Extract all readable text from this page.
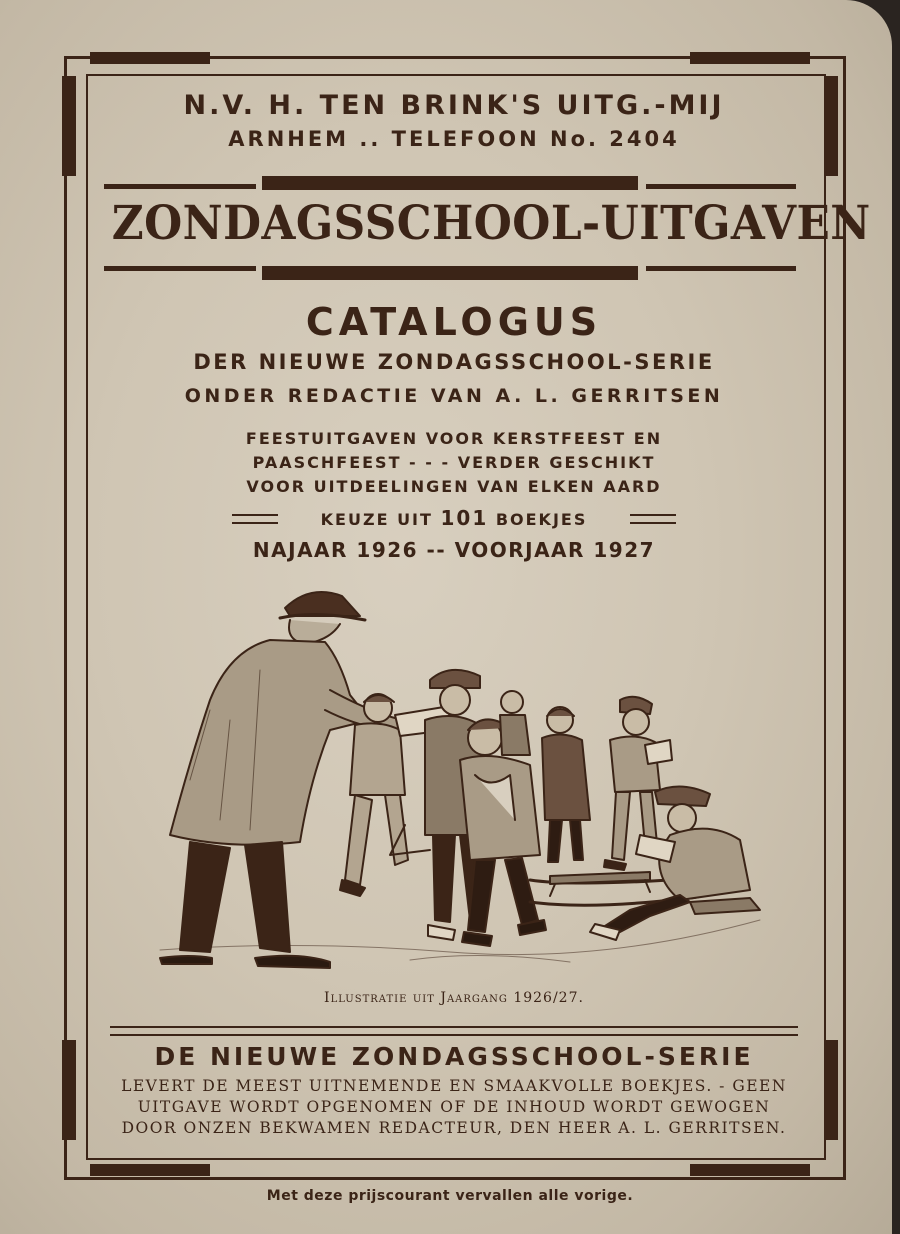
N.V. H. TEN BRINK'S UITG.-MIJ
ARNHEM .. TELEFOON No. 2404
ZONDAGSSCHOOL-UITGAVEN
CATALOGUS
DER NIEUWE ZONDAGSSCHOOL-SERIE
ONDER REDACTIE VAN A. L. GERRITSEN
FEESTUITGAVEN VOOR KERSTFEEST EN
PAASCHFEEST - - - VERDER GESCHIKT
VOOR UITDEELINGEN VAN ELKEN AARD
KEUZE UIT 101 BOEKJES
NAJAAR 1926 -- VOORJAAR 1927
Illustratie uit Jaargang 1926/27.
DE NIEUWE ZONDAGSSCHOOL-SERIE
LEVERT DE MEEST UITNEMENDE EN SMAAKVOLLE BOEKJES. - GEEN
UITGAVE WORDT OPGENOMEN OF DE INHOUD WORDT GEWOGEN
DOOR ONZEN BEKWAMEN REDACTEUR, DEN HEER A. L. GERRITSEN.
Met deze prijscourant vervallen alle vorige.
